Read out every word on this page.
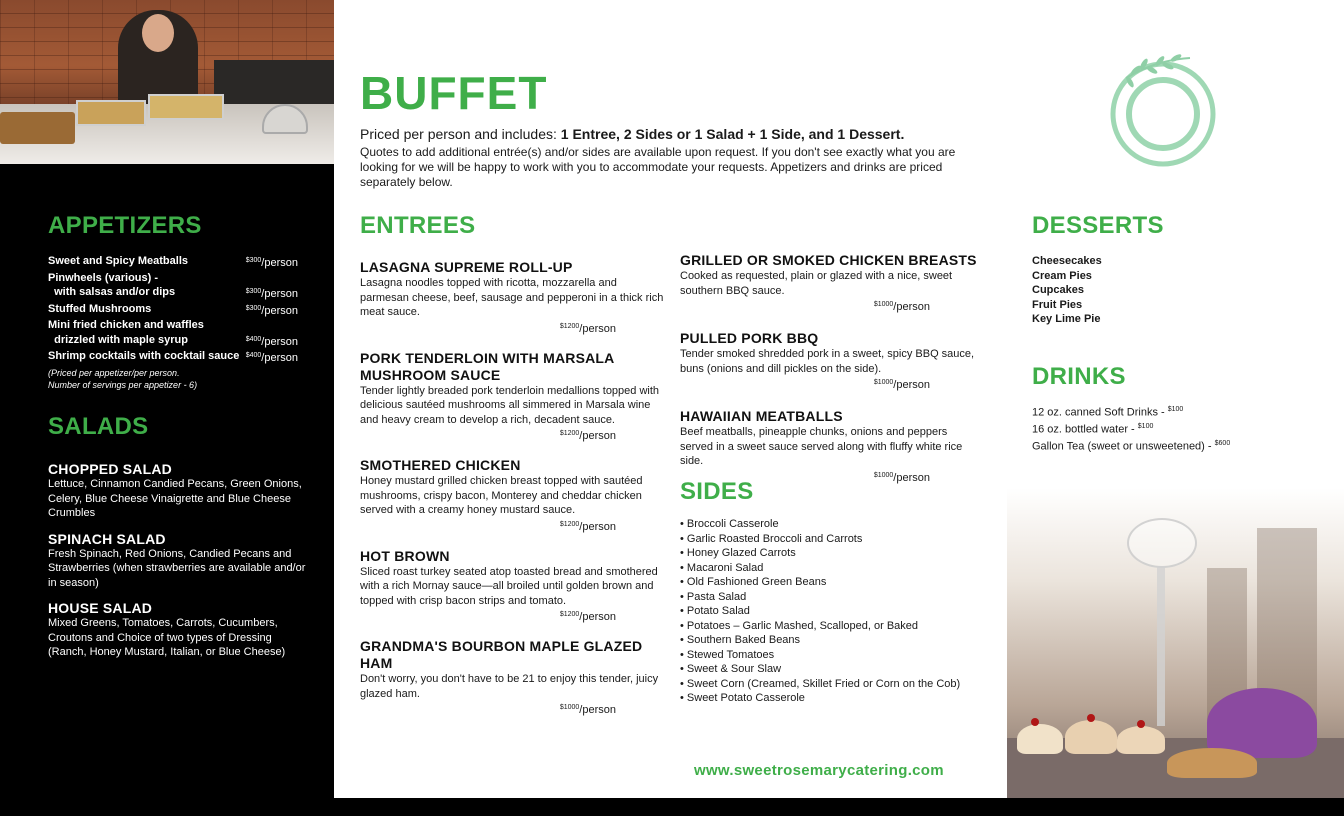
APPETIZERS
Sweet and Spicy Meatballs	$^{\$300}$/person
Pinwheels (various) -
with salsas and/or dips	$^{\$300}$/person
Stuffed Mushrooms	$^{\$300}$/person
Mini fried chicken and waffles
drizzled with maple syrup	$^{\$400}$/person
Shrimp cocktails with cocktail sauce $^{\$400}$/person
(Priced per appetizer/per person.
Number of servings per appetizer - 6)
SALADS
CHOPPED SALAD
Lettuce, Cinnamon Candied Pecans, Green Onions, Celery, Blue Cheese Vinaigrette and Blue Cheese Crumbles
SPINACH SALAD
Fresh Spinach, Red Onions, Candied Pecans and Strawberries (when strawberries are available and/or in season)
HOUSE SALAD
Mixed Greens, Tomatoes, Carrots, Cucumbers, Croutons and Choice of two types of Dressing (Ranch, Honey Mustard, Italian, or Blue Cheese)
BUFFET
Priced per person and includes: 1 Entree, 2 Sides or 1 Salad + 1 Side, and 1 Dessert.
Quotes to add additional entrée(s) and/or sides are available upon request. If you don't see exactly what you are looking for we will be happy to work with you to accommodate your requests. Appetizers and drinks are priced separately below.
ENTREES
LASAGNA SUPREME ROLL-UP
Lasagna noodles topped with ricotta, mozzarella and parmesan cheese, beef, sausage and pepperoni in a thick rich meat sauce.
$^{\$1200}$/person
PORK TENDERLOIN WITH MARSALA MUSHROOM SAUCE
Tender lightly breaded pork tenderloin medallions topped with delicious sautéed mushrooms all simmered in Marsala wine and heavy cream to develop a rich, decadent sauce.
$^{\$1200}$/person
SMOTHERED CHICKEN
Honey mustard grilled chicken breast topped with sautéed mushrooms, crispy bacon, Monterey and cheddar chicken served with a creamy honey mustard sauce.
$^{\$1200}$/person
HOT BROWN
Sliced roast turkey seated atop toasted bread and smothered with a rich Mornay sauce—all broiled until golden brown and topped with crisp bacon strips and tomato.
$^{\$1200}$/person
GRANDMA'S BOURBON MAPLE GLAZED HAM
Don't worry, you don't have to be 21 to enjoy this tender, juicy glazed ham.
$^{\$1000}$/person
GRILLED OR SMOKED CHICKEN BREASTS
Cooked as requested, plain or glazed with a nice, sweet southern BBQ sauce.
$^{\$1000}$/person
PULLED PORK BBQ
Tender smoked shredded pork in a sweet, spicy BBQ sauce, buns (onions and dill pickles on the side).
$^{\$1000}$/person
HAWAIIAN MEATBALLS
Beef meatballs, pineapple chunks, onions and peppers served in a sweet sauce served along with fluffy white rice side.
$^{\$1000}$/person
SIDES
• Broccoli Casserole
• Garlic Roasted Broccoli and Carrots
• Honey Glazed Carrots
• Macaroni Salad
• Old Fashioned Green Beans
• Pasta Salad
• Potato Salad
• Potatoes – Garlic Mashed, Scalloped, or Baked
• Southern Baked Beans
• Stewed Tomatoes
• Sweet & Sour Slaw
• Sweet Corn (Creamed, Skillet Fried or Corn on the Cob)
• Sweet Potato Casserole
www.sweetrosemarycatering.com
DESSERTS
Cheesecakes
Cream Pies
Cupcakes
Fruit Pies
Key Lime Pie
DRINKS
12 oz. canned Soft Drinks - $^{\$100}$
16 oz. bottled water - $^{\$100}$
Gallon Tea (sweet or unsweetened) - $^{\$600}$
